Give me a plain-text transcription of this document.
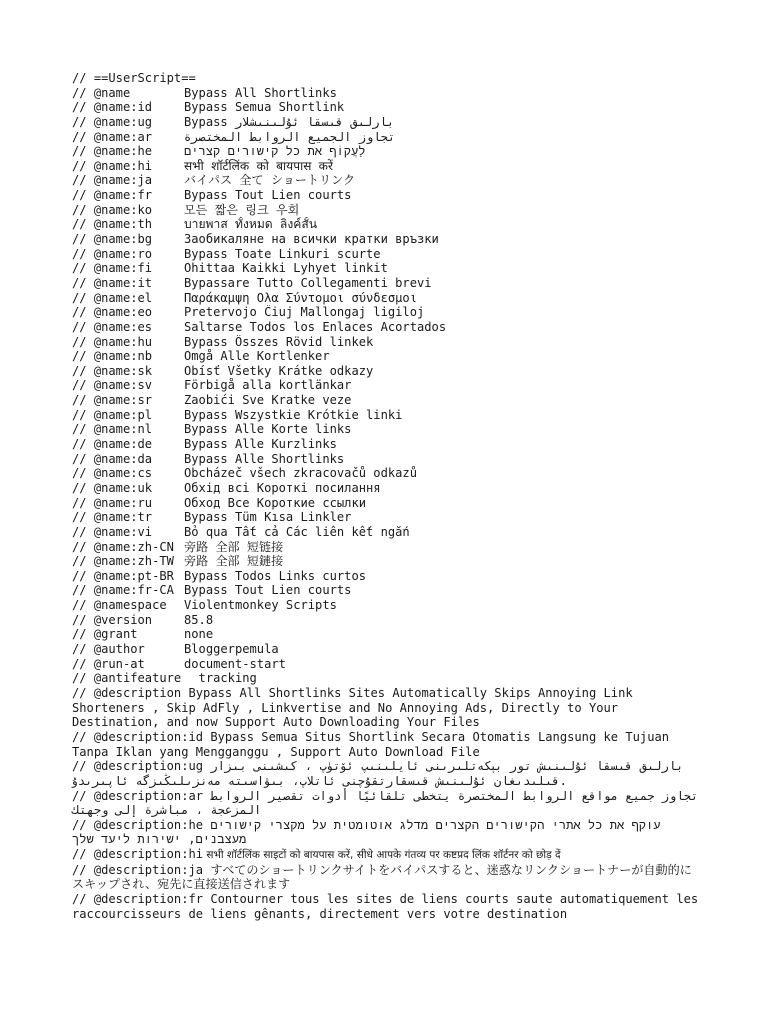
// ==UserScript==
// @name	Bypass All Shortlinks
// @name:id	Bypass Semua Shortlink
// @name:ug	Bypass بارلىق قىسقا ئۇلىنىشلار
// @name:ar	تجاوز الجميع الروابط المختصرة
// @name:he	לַעֲקוֹף את כל קישורים קצרים
// @name:hi	सभी शॉर्टलिंक को बायपास करें
// @name:ja	バイパス 全て ショートリンク
// @name:fr	Bypass Tout Lien courts
// @name:ko	모든 짧은 링크 우회
// @name:th	บายพาส ทั้งหมด ลิงค์สั้น
// @name:bg	Заобикаляне на всички кратки връзки
// @name:ro	Bypass Toate Linkuri scurte
// @name:fi	Ohittaa Kaikki Lyhyet linkit
// @name:it	Bypassare Tutto Collegamenti brevi
// @name:el	Παράκαμψη Ολα Σύντομοι σύνδεσμοι
// @name:eo	Pretervojo Ĉiuj Mallongaj ligiloj
// @name:es	Saltarse Todos los Enlaces Acortados
// @name:hu	Bypass Összes Rövid linkek
// @name:nb	Omgå Alle Kortlenker
// @name:sk	Obísť Všetky Krátke odkazy
// @name:sv	Förbigå alla kortlänkar
// @name:sr	Zaobići Sve Kratke veze
// @name:pl	Bypass Wszystkie Krótkie linki
// @name:nl	Bypass Alle Korte links
// @name:de	Bypass Alle Kurzlinks
// @name:da	Bypass Alle Shortlinks
// @name:cs	Obcházeč všech zkracovačů odkazů
// @name:uk	Обхід всі Короткі посилання
// @name:ru	Обход Все Короткие ссылки
// @name:tr	Bypass Tüm Kısa Linkler
// @name:vi	Bỏ qua Tất cả Các liên kết ngắn
// @name:zh-CN 旁路 全部 短链接
// @name:zh-TW 旁路 全部 短鏈接
// @name:pt-BR Bypass Todos Links curtos
// @name:fr-CA Bypass Tout Lien courts
// @namespace Violentmonkey Scripts
// @version	85.8
// @grant	none
// @author	Bloggerpemula
// @run-at	document-start
// @antifeature  tracking
// @description Bypass All Shortlinks Sites Automatically Skips Annoying Link Shorteners , Skip AdFly , Linkvertise and No Annoying Ads, Directly to Your Destination, and now Support Auto Downloading Your Files
// @description:id Bypass Semua Situs Shortlink Secara Otomatis Langsung ke Tujuan Tanpa Iklan yang Mengganggu , Support Auto Download File
// @description:ug بارلىق قىسقا ئۇلىنىش تور بېكەتلىرىنى ئايلىنىپ ئۆتۈپ ، كىشىنى بىزار قىلىدىغان ئۇلىنىش قىسقارتقۇچنى ئاتلاپ، بىۋاسىتە مەنزىلىڭىزگە ئاپىرىدۇ.
// @description:ar تجاوز جميع مواقع الروابط المختصرة يتخطى تلقائيًا أدوات تقصير الروابط المزعجة ، مباشرة إلى وجهتك
// @description:he עוקף את כל אתרי הקישורים הקצרים מדלג אוטומטית על מקצרי קישורים מעצבנים, ישירות ליעד שלך
// @description:hi सभी शॉर्टलिंक साइटों को बायपास करें, सीधे आपके गंतव्य पर कष्टप्रद लिंक शॉर्टनर को छोड़ दें
// @description:ja すべてのショートリンクサイトをバイパスすると、迷惑なリンクショートナーが自動的にスキップされ、宛先に直接送信されます
// @description:fr Contourner tous les sites de liens courts saute automatiquement les raccourcisseurs de liens gênants, directement vers votre destination
